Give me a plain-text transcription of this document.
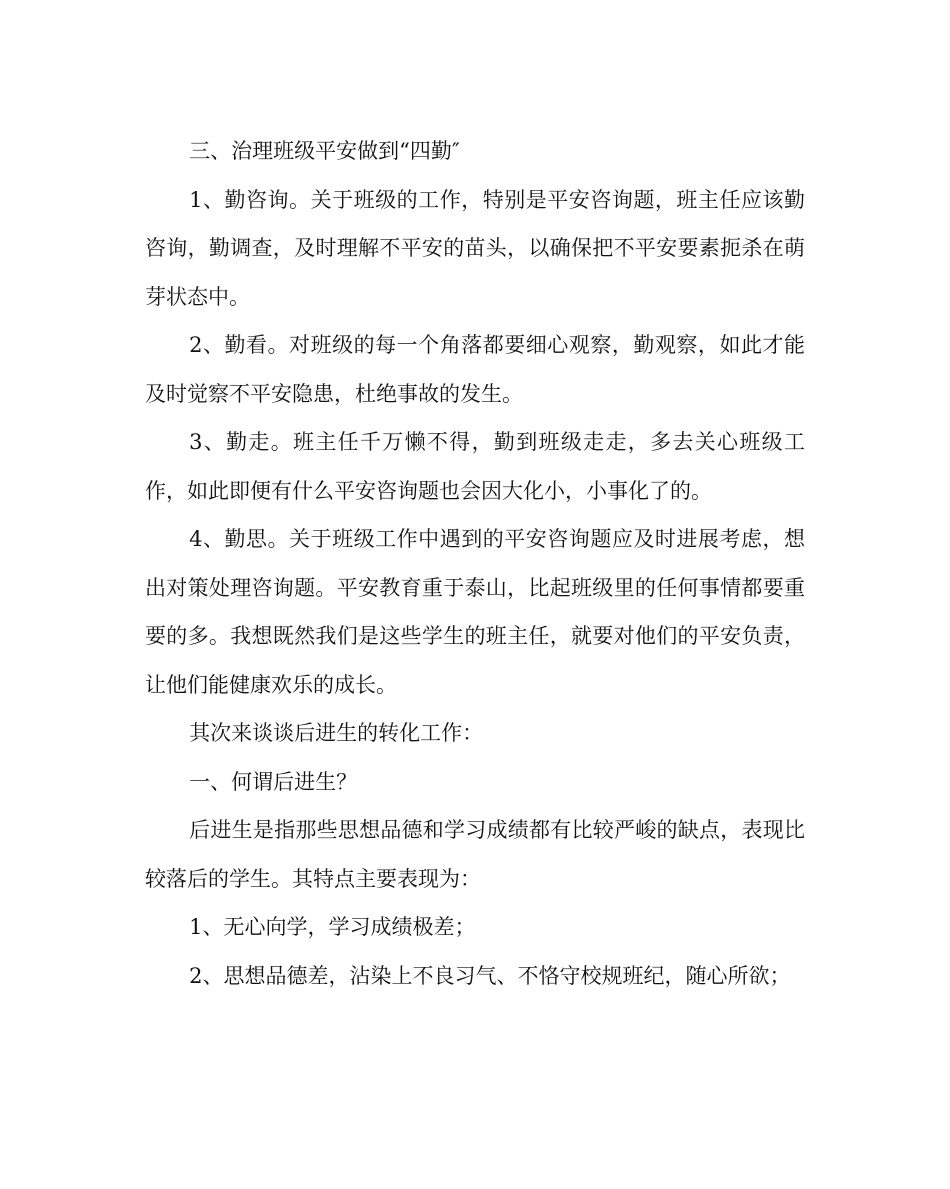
三、治理班级平安做到“四勤″

1、勤咨询。关于班级的工作，特别是平安咨询题，班主任应该勤咨询，勤调查，及时理解不平安的苗头，以确保把不平安要素扼杀在萌芽状态中。

2、勤看。对班级的每一个角落都要细心观察，勤观察，如此才能及时觉察不平安隐患，杜绝事故的发生。

3、勤走。班主任千万懒不得，勤到班级走走，多去关心班级工作，如此即便有什么平安咨询题也会因大化小，小事化了的。

4、勤思。关于班级工作中遇到的平安咨询题应及时进展考虑，想出对策处理咨询题。平安教育重于泰山，比起班级里的任何事情都要重要的多。我想既然我们是这些学生的班主任，就要对他们的平安负责，让他们能健康欢乐的成长。

其次来谈谈后进生的转化工作：

一、何谓后进生？

后进生是指那些思想品德和学习成绩都有比较严峻的缺点，表现比较落后的学生。其特点主要表现为：

1、无心向学，学习成绩极差；

2、思想品德差，沾染上不良习气、不恪守校规班纪，随心所欲；
